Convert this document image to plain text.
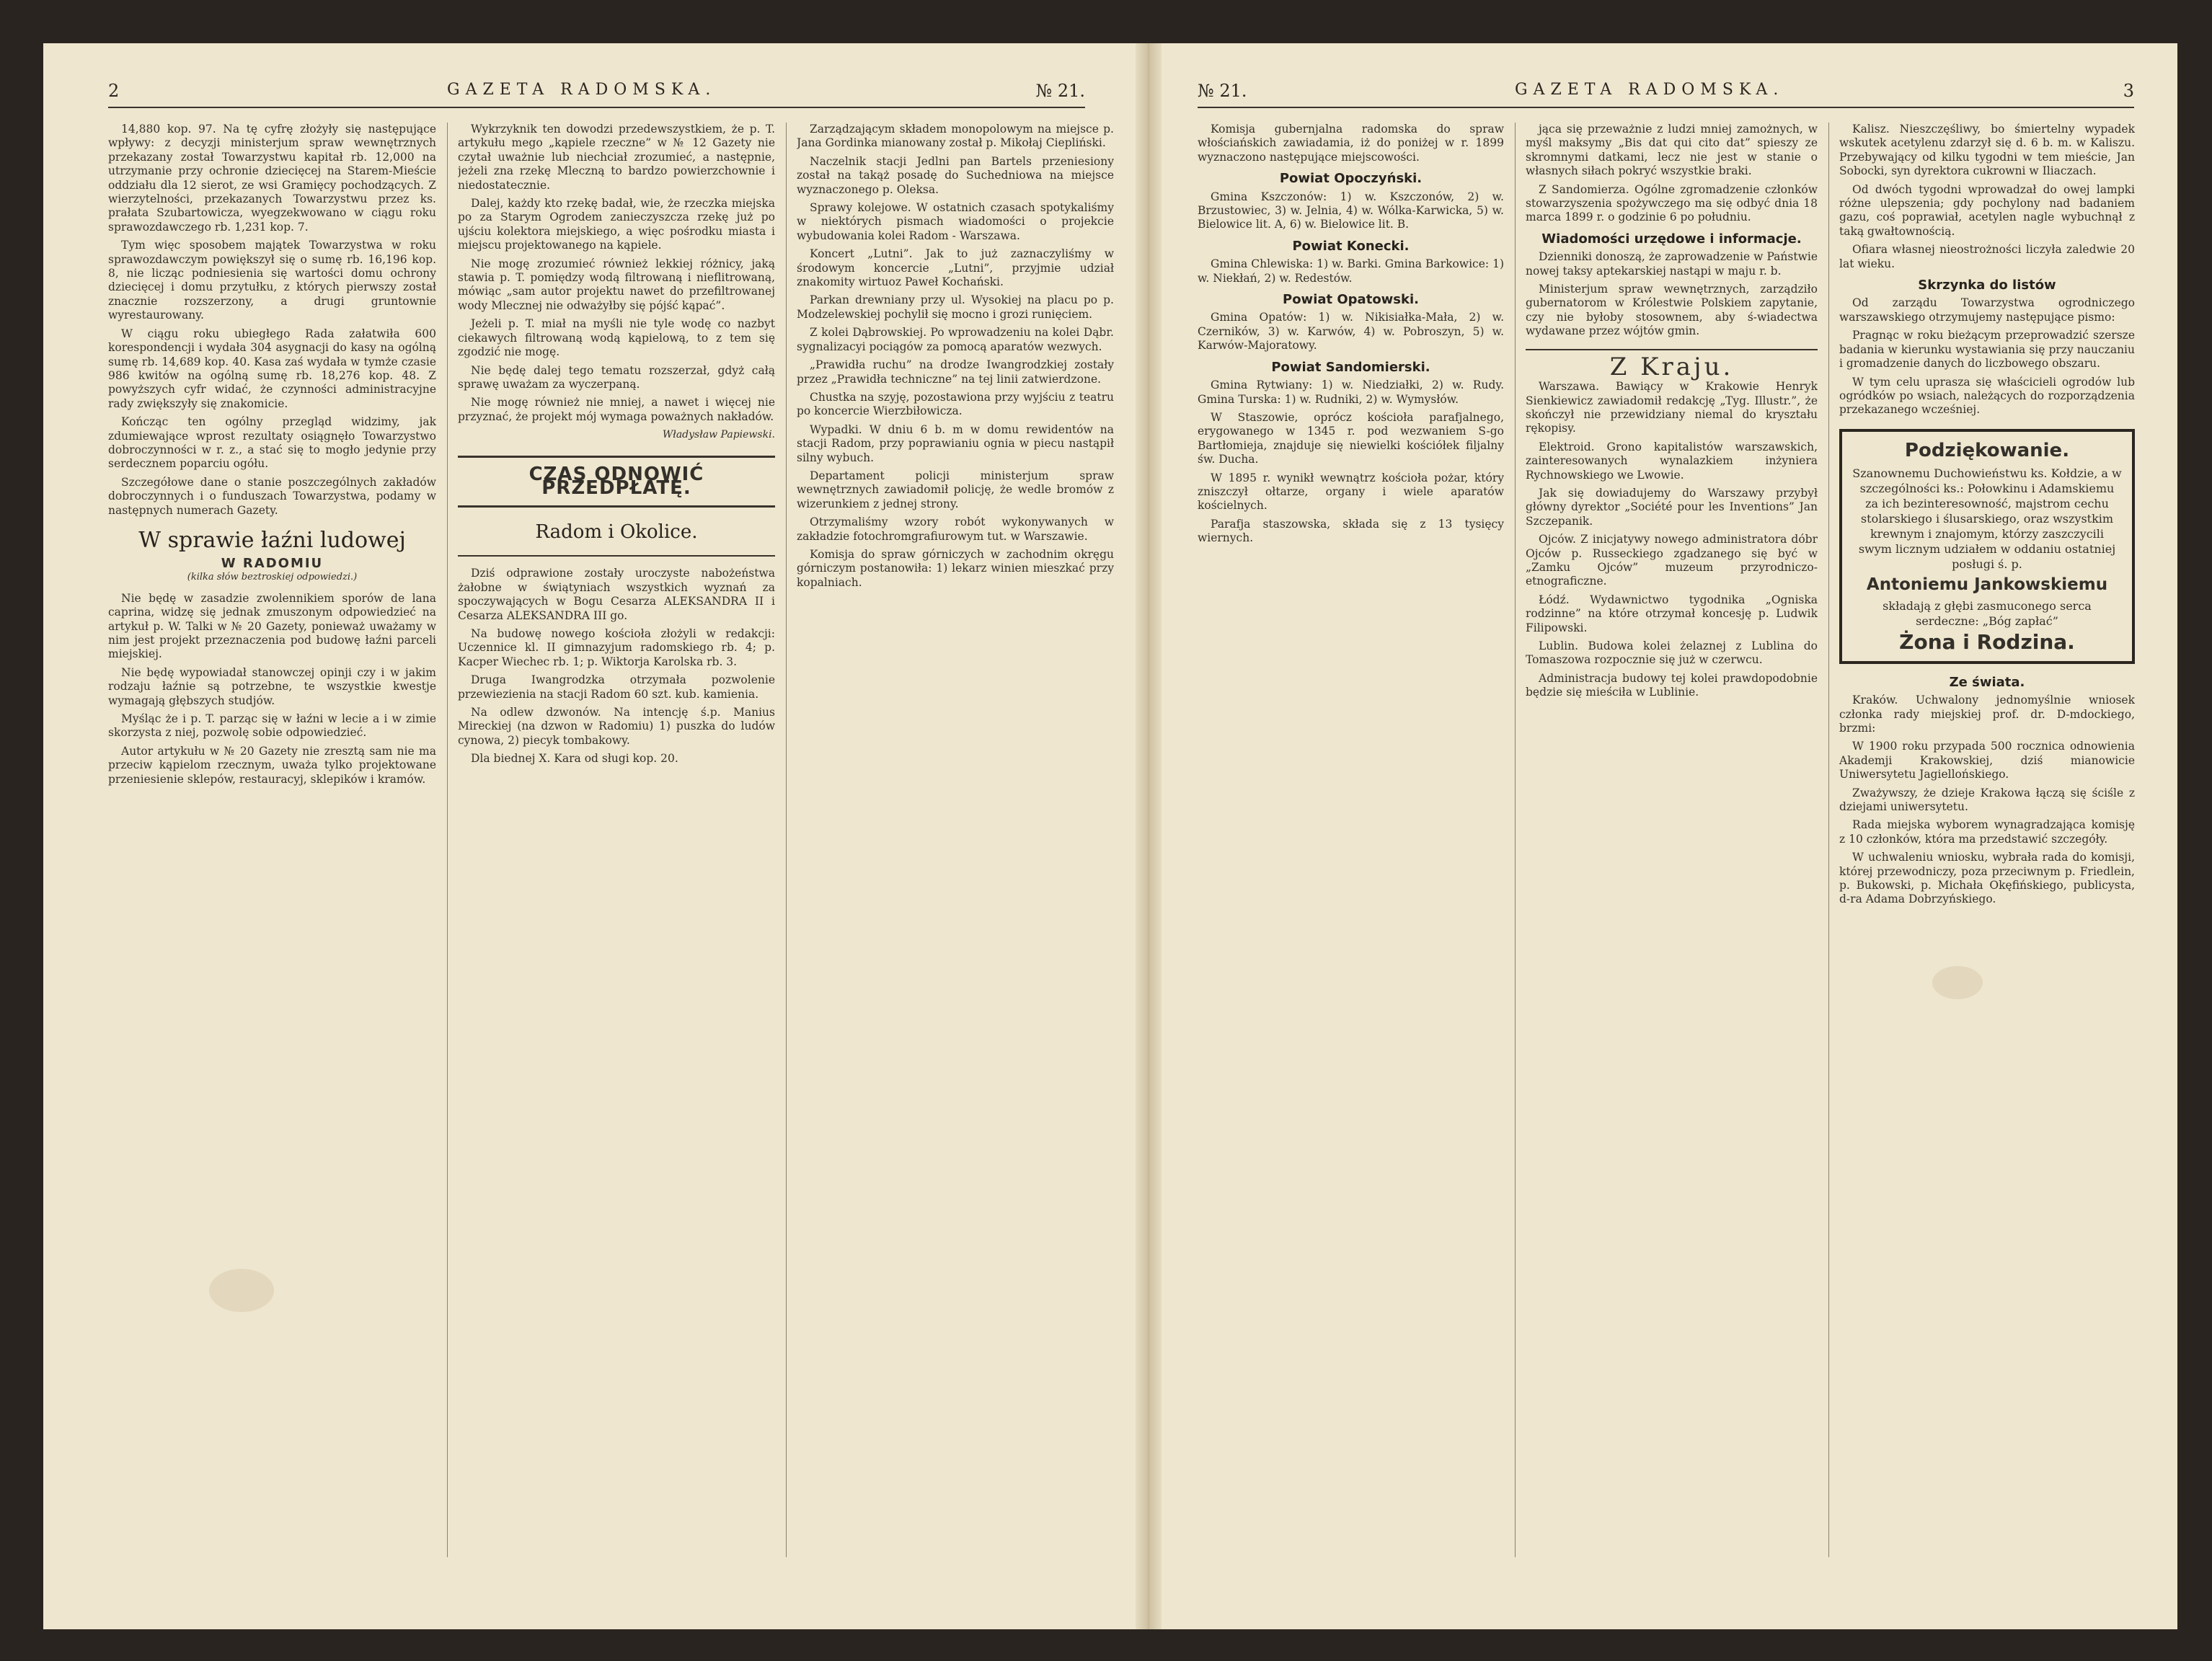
2	GAZETA RADOMSKA.	№ 21.

14,880 kop. 97. Na tę cyfrę złożyły się następujące wpływy: z decyzji ministerjum spraw wewnętrznych przekazany został Towarzystwu kapitał rb. 12,000 na utrzymanie przy ochronie dziecięcej na Starem-Mieście oddziału dla 12 sierot, ze wsi Gramięcy pochodzących. Z wierzytelności, przekazanych Towarzystwu przez ks. prałata Szubartowicza, wyegzekwowano w ciągu roku sprawozdawczego rb. 1,231 kop. 7.

Tym więc sposobem majątek Towarzystwa w roku sprawozdawczym powiększył się o sumę rb. 16,196 kop. 8, nie licząc podniesienia się wartości domu ochrony dziecięcej i domu przytułku, z których pierwszy został znacznie rozszerzony, a drugi gruntownie wyrestaurowany.

W ciągu roku ubiegłego Rada załatwiła 600 korespondencji i wydała 304 asygnacji do kasy na ogólną sumę rb. 14,689 kop. 40. Kasa zaś wydała w tymże czasie 986 kwitów na ogólną sumę rb. 18,276 kop. 48. Z powyższych cyfr widać, że czynności administracyjne rady zwiększyły się znakomicie.

Kończąc ten ogólny przegląd widzimy, jak zdumiewające wprost rezultaty osiągnęło Towarzystwo dobroczynności w r. z., a stać się to mogło jedynie przy serdecznem poparciu ogółu.

Szczegółowe dane o stanie poszczególnych zakładów dobroczynnych i o funduszach Towarzystwa, podamy w następnych numerach Gazety.

W sprawie łaźni ludowej
W RADOMIU
(kilka słów beztroskiej odpowiedzi.)

Nie będę w zasadzie zwolennikiem sporów de lana caprina, widzę się jednak zmuszonym odpowiedzieć na artykuł p. W. Talki w № 20 Gazety, ponieważ uważamy w nim jest projekt przeznaczenia pod budowę łaźni parceli miejskiej.

Nie będę wypowiadał stanowczej opinji czy i w jakim rodzaju łaźnie są potrzebne, te wszystkie kwestje wymagają głębszych studjów.

Myśląc że i p. T. parząc się w łaźni w lecie a i w zimie skorzysta z niej, pozwolę sobie odpowiedzieć.

Autor artykułu w № 20 Gazety nie zresztą sam nie ma przeciw kąpielom rzecznym, uważa tylko projektowane przeniesienie sklepów, restauracyj, sklepików i kramów.

Wykrzyknik ten dowodzi przedewszystkiem, że p. T. artykułu mego „kąpiele rzeczne” w № 12 Gazety nie czytał uważnie lub niechciał zrozumieć, a następnie, jeżeli zna rzekę Mleczną to bardzo powierzchownie i niedostatecznie.

Dalej, każdy kto rzekę badał, wie, że rzeczka miejska po za Starym Ogrodem zanieczyszcza rzekę już po ujściu kolektora miejskiego, a więc pośrodku miasta i miejscu projektowanego na kąpiele.

Nie mogę zrozumieć również lekkiej różnicy, jaką stawia p. T. pomiędzy wodą filtrowaną i nieflitrowaną, mówiąc „sam autor projektu nawet do przefiltrowanej wody Mlecznej nie odważyłby się pójść kąpać”.

Jeżeli p. T. miał na myśli nie tyle wodę co nazbyt ciekawych filtrowaną wodą kąpielową, to z tem się zgodzić nie mogę.

Nie będę dalej tego tematu rozszerzał, gdyż całą sprawę uważam za wyczerpaną.

Nie mogę również nie mniej, a nawet i więcej nie przyznać, że projekt mój wymaga poważnych nakładów.

Władysław Papiewski.
CZAS ODNOWIĆ PRZEDPŁATĘ.
Radom i Okolice.

Dziś odprawione zostały uroczyste nabożeństwa żałobne w świątyniach wszystkich wyznań za spoczywających w Bogu Cesarza ALEKSANDRA II i Cesarza ALEKSANDRA III go.

Na budowę nowego kościoła złożyli w redakcji: Uczennice kl. II gimnazyjum radomskiego rb. 4; p. Kacper Wiechec rb. 1; p. Wiktorja Karolska rb. 3.

Druga Iwangrodzka otrzymała pozwolenie przewiezienia na stacji Radom 60 szt. kub. kamienia.

Na odlew dzwonów. Na intencję ś.p. Manius Mireckiej (na dzwon w Radomiu) 1) puszka do ludów cynowa, 2) piecyk tombakowy.

Dla biednej X. Kara od sługi kop. 20.

Zarządzającym składem monopolowym na miejsce p. Jana Gordinka mianowany został p. Mikołaj Ciepliński.

Naczelnik stacji Jedlni pan Bartels przeniesiony został na takąż posadę do Suchedniowa na miejsce wyznaczonego p. Oleksa.

Sprawy kolejowe. W ostatnich czasach spotykaliśmy w niektórych pismach wiadomości o projekcie wybudowania kolei Radom - Warszawa.

Koncert „Lutni”. Jak to już zaznaczyliśmy w środowym koncercie „Lutni”, przyjmie udział znakomity wirtuoz Paweł Kochański.

Parkan drewniany przy ul. Wysokiej na placu po p. Modzelewskiej pochylił się mocno i grozi runięciem.

Z kolei Dąbrowskiej. Po wprowadzeniu na kolei Dąbr. sygnalizacyi pociągów za pomocą aparatów wezwych.

„Prawidła ruchu” na drodze Iwangrodzkiej zostały przez „Prawidła techniczne” na tej linii zatwierdzone.

Chustka na szyję, pozostawiona przy wyjściu z teatru po koncercie Wierzbiłowicza.

Wypadki. W dniu 6 b. m w domu rewidentów na stacji Radom, przy poprawianiu ognia w piecu nastąpił silny wybuch.

Departament policji ministerjum spraw wewnętrznych zawiadomił policję, że wedle bromów z wizerunkiem z jednej strony.

Otrzymaliśmy wzory robót wykonywanych w zakładzie fotochromgrafiurowym tut. w Warszawie.

Komisja do spraw górniczych w zachodnim okręgu górniczym postanowiła: 1) lekarz winien mieszkać przy kopalniach.

№ 21.	GAZETA RADOMSKA.	3

Komisja gubernjalna radomska do spraw włościańskich zawiadamia, iż do poniżej w r. 1899 wyznaczono następujące miejscowości.

Powiat Opoczyński.

Gmina Kszczonów: 1) w. Kszczonów, 2) w. Brzustowiec, 3) w. Jelnia, 4) w. Wólka-Karwicka, 5) w. Bielowice lit. A, 6) w. Bielowice lit. B.

Powiat Konecki.

Gmina Chlewiska: 1) w. Barki. Gmina Barkowice: 1) w. Niekłań, 2) w. Redestów.

Powiat Opatowski.

Gmina Opatów: 1) w. Nikisiałka-Mała, 2) w. Czerników, 3) w. Karwów, 4) w. Pobroszyn, 5) w. Karwów-Majoratowy.

Powiat Sandomierski.

Gmina Rytwiany: 1) w. Niedziałki, 2) w. Rudy. Gmina Turska: 1) w. Rudniki, 2) w. Wymysłów.

W Staszowie, oprócz kościoła parafjalnego, erygowanego w 1345 r. pod wezwaniem S-go Bartłomieja, znajduje się niewielki kościółek filjalny św. Ducha.

W 1895 r. wynikł wewnątrz kościoła pożar, który zniszczył ołtarze, organy i wiele aparatów kościelnych.

Parafja staszowska, składa się z 13 tysięcy wiernych.

jąca się przeważnie z ludzi mniej zamożnych, w myśl maksymy „Bis dat qui cito dat” spieszy ze skromnymi datkami, lecz nie jest w stanie o własnych siłach pokryć wszystkie braki.

Z Sandomierza. Ogólne zgromadzenie członków stowarzyszenia spożywczego ma się odbyć dnia 18 marca 1899 r. o godzinie 6 po południu.

Wiadomości urzędowe i informacje.

Dzienniki donoszą, że zaprowadzenie w Państwie nowej taksy aptekarskiej nastąpi w maju r. b.

Ministerjum spraw wewnętrznych, zarządziło gubernatorom w Królestwie Polskiem zapytanie, czy nie byłoby stosownem, aby ś-wiadectwa wydawane przez wójtów gmin.

Z Kraju.

Warszawa. Bawiący w Krakowie Henryk Sienkiewicz zawiadomił redakcję „Tyg. Illustr.”, że skończył nie przewidziany niemal do kryształu rękopisy.

Elektroid. Grono kapitalistów warszawskich, zainteresowanych wynalazkiem inżyniera Rychnowskiego we Lwowie.

Jak się dowiadujemy do Warszawy przybył główny dyrektor „Société pour les Inventions” Jan Szczepanik.

Ojców. Z inicjatywy nowego administratora dóbr Ojców p. Russeckiego zgadzanego się być w „Zamku Ojców” muzeum przyrodniczo-etnograficzne.

Łódź. Wydawnictwo tygodnika „Ogniska rodzinne” na które otrzymał koncesję p. Ludwik Filipowski.

Lublin. Budowa kolei żelaznej z Lublina do Tomaszowa rozpocznie się już w czerwcu.

Administracja budowy tej kolei prawdopodobnie będzie się mieściła w Lublinie.

Kalisz. Nieszczęśliwy, bo śmiertelny wypadek wskutek acetylenu zdarzył się d. 6 b. m. w Kaliszu. Przebywający od kilku tygodni w tem mieście, Jan Sobocki, syn dyrektora cukrowni w Iliaczach.

Od dwóch tygodni wprowadzał do owej lampki różne ulepszenia; gdy pochylony nad badaniem gazu, coś poprawiał, acetylen nagle wybuchnął z taką gwałtownością.

Ofiara własnej nieostrożności liczyła zaledwie 20 lat wieku.

Skrzynka do listów

Od zarządu Towarzystwa ogrodniczego warszawskiego otrzymujemy następujące pismo:

Pragnąc w roku bieżącym przeprowadzić szersze badania w kierunku wystawiania się przy nauczaniu i gromadzenie danych do liczbowego obszaru.

W tym celu uprasza się właścicieli ogrodów lub ogródków po wsiach, należących do rozporządzenia przekazanego wcześniej.

Podziękowanie.
Szanownemu Duchowieństwu ks. Kołdzie, a w szczególności ks.: Połowkinu i Adamskiemu za ich bezinteresowność, majstrom cechu stolarskiego i ślusarskiego, oraz wszystkim krewnym i znajomym, którzy zaszczycili swym licznym udziałem w oddaniu ostatniej posługi ś. p.
Antoniemu Jankowskiemu
składają z głębi zasmuconego serca serdeczne: „Bóg zapłać”
Żona i Rodzina.
Ze świata.

Kraków. Uchwalony jednomyślnie wniosek członka rady miejskiej prof. dr. D-mdockiego, brzmi:

W 1900 roku przypada 500 rocznica odnowienia Akademji Krakowskiej, dziś mianowicie Uniwersytetu Jagiellońskiego.

Zważywszy, że dzieje Krakowa łączą się ściśle z dziejami uniwersytetu.

Rada miejska wyborem wynagradzająca komisję z 10 członków, która ma przedstawić szczegóły.

W uchwaleniu wniosku, wybrała rada do komisji, której przewodniczy, poza przeciwnym p. Friedlein, p. Bukowski, p. Michała Okęfińskiego, publicysta, d-ra Adama Dobrzyńskiego.
